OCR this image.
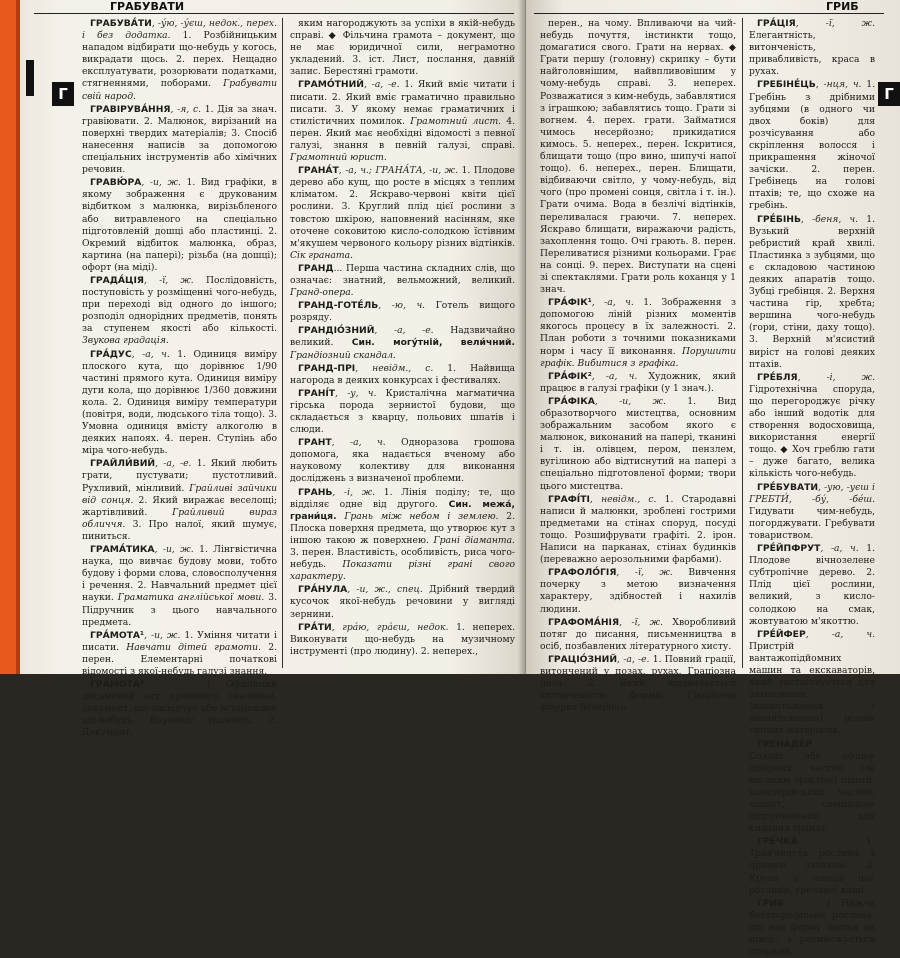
ГРАБУВАТИ
Г

ГРАБУВА́ТИ, -у́ю, -у́єш, недок., перех. і без додатка. 1. Розбійницьким нападом відбирати що-небудь у когось, викрадати щось. 2. перех. Нещадно експлуатувати, розорювати податками, стягненнями, поборами. Грабувати свій народ.

ГРАВІРУВА́ННЯ, -я, с. 1. Дія за знач. гравіювати. 2. Малюнок, вирізаний на поверхні твердих матеріалів; 3. Спосіб нанесення написів за допомогою спеціальних інструментів або хімічних речовин.

ГРАВЮ́РА, -и, ж. 1. Вид графіки, в якому зображення є друкованим відбитком з малюнка, вирізьбленого або витравленого на спеціально підготовленій дошці або пластинці. 2. Окремий відбиток малюнка, образ, картина (на папері); різьба (на дошці); офорт (на міді).

ГРАДА́ЦІЯ, -ї, ж. Послідовність, поступовість у розміщенні чого-небудь, при переході від одного до іншого; розподіл однорідних предметів, понять за ступенем якості або кількості. Звукова градація.

ГРА́ДУС, -а, ч. 1. Одиниця виміру плоского кута, що дорівнює 1/90 частині прямого кута. Одиниця виміру дуги кола, що дорівнює 1/360 довжини кола. 2. Одиниця виміру температури (повітря, води, людського тіла тощо). 3. Умовна одиниця вмісту алкоголю в деяких напоях. 4. перен. Ступінь або міра чого-небудь.

ГРАЙЛИ́ВИЙ, -а, -е. 1. Який любить грати, пустувати; пустотливий. Рухливий, мінливий. Грайливі зайчики від сонця. 2. Який виражає веселощі; жартівливий. Грайливий вираз обличчя. 3. Про налої, який шумує, пиниться.

ГРАМА́ТИКА, -и, ж. 1. Лінгвістична наука, що вивчає будову мови, тобто будову і форми слова, словосполучення і речення. 2. Навчальний предмет цієї науки. Граматика англійської мови. 3. Підручник з цього навчального предмета.

ГРА́МОТА¹, -и, ж. 1. Уміння читати і писати. Навчати дітей грамоти. 2. перен. Елементарні початкові відомості з якої-небудь галузі знання.

ГРА́МОТА², -и, ж. 1. Офіційний письмовий акт правового значення, документ, що засвідчує або встановлює що-небудь. Вручити грамоту. 2. Документ,

яким нагороджують за успіхи в якій-небудь справі. ◆ Фільчина грамота – документ, що не має юридичної сили, неграмотно укладений. 3. іст. Лист, послання, давній запис. Берестяні грамоти.

ГРАМО́ТНИЙ, -а, -е. 1. Який вміє читати і писати. 2. Який вміє граматично правильно писати. 3. У якому немає граматичних і стилістичних помилок. Грамотний лист. 4. перен. Який має необхідні відомості з певної галузі, знання в певній галузі, справі. Грамотний юрист.

ГРАНА́Т, -а, ч.; ГРАНА́ТА, -и, ж. 1. Плодове дерево або кущ, що росте в місцях з теплим кліматом. 2. Яскраво-червоні квіти цієї рослини. 3. Круглий плід цієї рослини з товстою шкірою, наповнений насінням, яке оточене соковитою кисло-солодкою їстівним м'якушем червоного кольору різних відтінків. Сік граната.

ГРАНД... Перша частина складних слів, що означає: знатний, вельможний, великий. Гранд-опера.

ГРАНД-ГОТЕ́ЛЬ, -ю, ч. Готель вищого розряду.

ГРАНДІО́ЗНИЙ, -а, -е. Надзвичайно великий. Син. могу́тній, вели́чний. Грандіозний скандал.

ГРАНД-ПРІ, невідм., с. 1. Найвища нагорода в деяких конкурсах і фестивалях.

ГРАНІ́Т, -у, ч. Кристалічна магматична гірська порода зернистої будови, що складається з кварцу, польових шпатів і слюди.

ГРАНТ, -а, ч. Одноразова грошова допомога, яка надається вченому або науковому колективу для виконання досліджень з визначеної проблеми.

ГРАНЬ, -і, ж. 1. Лінія поділу; те, що відділяє одне від другого. Син. межа́, грани́ця. Грань між небом і землею. 2. Плоска поверхня предмета, що утворює кут з іншою такою ж поверхнею. Грані діаманта. 3. перен. Властивість, особливість, риса чого-небудь. Показати різні грані свого характеру.

ГРА́НУЛА, -и, ж., спец. Дрібний твердий кусочок якої-небудь речовини у вигляді зернини.

ГРА́ТИ, гра́ю, гра́єш, недок. 1. неперех. Виконувати що-небудь на музичному інструменті (про людину). 2. неперех.,

ГРИБ
Г

перен., на чому. Впливаючи на чий-небудь почуття, інстинкти тощо, домагатися свого. Грати на нервах. ◆ Грати першу (головну) скрипку – бути найголовнішим, найвпливовішим у чому-небудь справі. 3. неперех. Розважатися з ким-небудь, забавлятися з іграшкою; забавлятись тощо. Грати зі вогнем. 4. перех. грати. Займатися чимось несерйозно; прикидатися кимось. 5. неперех., перен. Іскритися, блищати тощо (про вино, шипучі напої тощо). 6. неперех., перен. Блищати, відбиваючи світло, у чому-небудь, від чого (про промені сонця, світла і т. ін.). Грати очима. Вода в безлічі відтінків, переливалася граючи. 7. неперех. Яскраво блищати, виражаючи радість, захоплення тощо. Очі грають. 8. перен. Переливатися різними кольорами. Грає на сонці. 9. перех. Виступати на сцені зі спектаклями. Грати роль коханця у 1 знач.

ГРА́ФІК¹, -а, ч. 1. Зображення з допомогою ліній різних моментів якогось процесу в їх залежності. 2. План роботи з точними показниками норм і часу її виконання. Порушити графік. Вибитися з графіка.

ГРА́ФІК², -а, ч. Художник, який працює в галузі графіки (у 1 знач.).

ГРА́ФІКА, -и, ж. 1. Вид образотворчого мистецтва, основним зображальним засобом якого є малюнок, виконаний на папері, тканині і т. ін. олівцем, пером, пензлем, вугілиною або відтиснутий на папері з спеціально підготовленої форми; твори цього мистецтва.

ГРАФІ́ТІ, невідм., с. 1. Стародавні написи й малюнки, зроблені гострими предметами на стінах споруд, посуді тощо. Розшифрувати графіті. 2. ірон. Написи на парканах, стінах будинків (переважно аерозольними фарбами).

ГРАФОЛО́ГІЯ, -ї, ж. Вивчення почерку з метою визначення характеру, здібностей і нахилів людини.

ГРАФОМА́НІЯ, -ї, ж. Хворобливий потяг до писання, письменництва в осіб, позбавлених літературного хисту.

ГРАЦІО́ЗНИЙ, -а, -е. 1. Повний грації, витончений у позах, рухах. Граціозна поза. 2. Який відзначається витонченістю форми. Граціозна фігурка балерини.

ГРА́ЦІЯ, -ї, ж. Елегантність, витонченість, привабливість, краса в рухах.

ГРЕБІНЕ́ЦЬ, -нця, ч. 1. Гребінь з дрібними зубцями (в одного чи двох боків) для розчісування або скріплення волосся і прикрашення жіночої зачіски. 2. перен. Гребінець на голові птахів; те, що схоже на гребінь.

ГРЕ́БІНЬ, -беня, ч. 1. Вузький верхній ребристий край хвилі. Пластинка з зубцями, що є складовою частиною деяких апаратів тощо. Зубці гребінця. 2. Верхня частина гір, хребта; вершина чого-небудь (гори, стіни, даху тощо). 3. Верхній м'ясистий виріст на голові деяких птахів.

ГРЕ́БЛЯ, -і, ж. Гідротехнічна споруда, що перегороджує річку або інший водотік для створення водосховища, використання енергії тощо. ◆ Хоч греблю гати – дуже багато, велика кількість чого-небудь.

ГРЕ́БУВАТИ, -ую, -уєш і ГРЕБТИ́, -бу́, -бе́ш. Гидувати чим-небудь, погорджувати. Гребувати товариством.

ГРЕ́ЙПФРУТ, -а, ч. 1. Плодове вічнозелене субтропічне дерево. 2. Плід цієї рослини, великий, з кисло-солодкою на смак, жовтуватою м'якоттю.

ГРЕ́ЙФЕР, -а, ч. Пристрій вантажопідйомних машин та екскаваторів, який застосовується для захоплення (навантаження і вивантаження) різних сипких матеріалів.

ГРЕНАДЕ́Р, -а, ч. Солдат або офіцер добірних частин (за високим зростом) піхоти, кавалерійських частин; солдат, спеціально підготовлений для кидання гранат.

ГРЕ́ЧКА, -и, ж. 1. Трав'яниста рослина з пряним запахом. 2. Крупа з плодів цієї рослини, гречаної каші.

ГРИБ, -а, ч. 1. Нижча безхлорофільна рослина, що має форму шапки на ніжці, з розмножується спорами.
